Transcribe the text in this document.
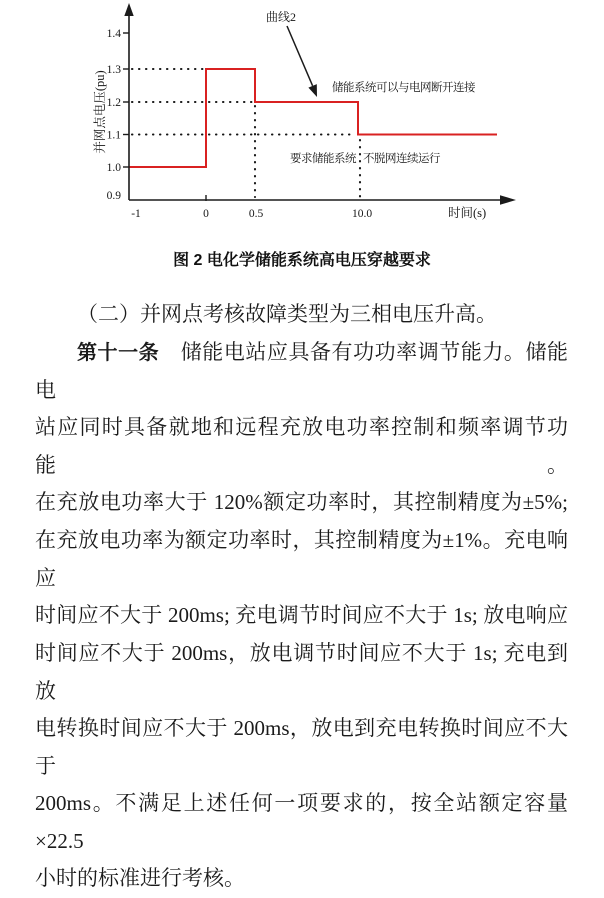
1.4
1.3
1.2
1.1
1.0
0.9
-1	0	0.5	10.0	时间(s)
并网点电压(pu)
曲线2
储能系统可以与电网断开连接
要求储能系统 不脱网连续运行
图 2 电化学储能系统高电压穿越要求
（二）并网点考核故障类型为三相电压升高。
第十一条　储能电站应具备有功功率调节能力。储能电
站应同时具备就地和远程充放电功率控制和频率调节功能。
在充放电功率大于 120%额定功率时，其控制精度为±5%;
在充放电功率为额定功率时，其控制精度为±1%。充电响应
时间应不大于 200ms; 充电调节时间应不大于 1s; 放电响应
时间应不大于 200ms，放电调节时间应不大于 1s; 充电到放
电转换时间应不大于 200ms，放电到充电转换时间应不大于
200ms。不满足上述任何一项要求的，按全站额定容量×22.5
小时的标准进行考核。
